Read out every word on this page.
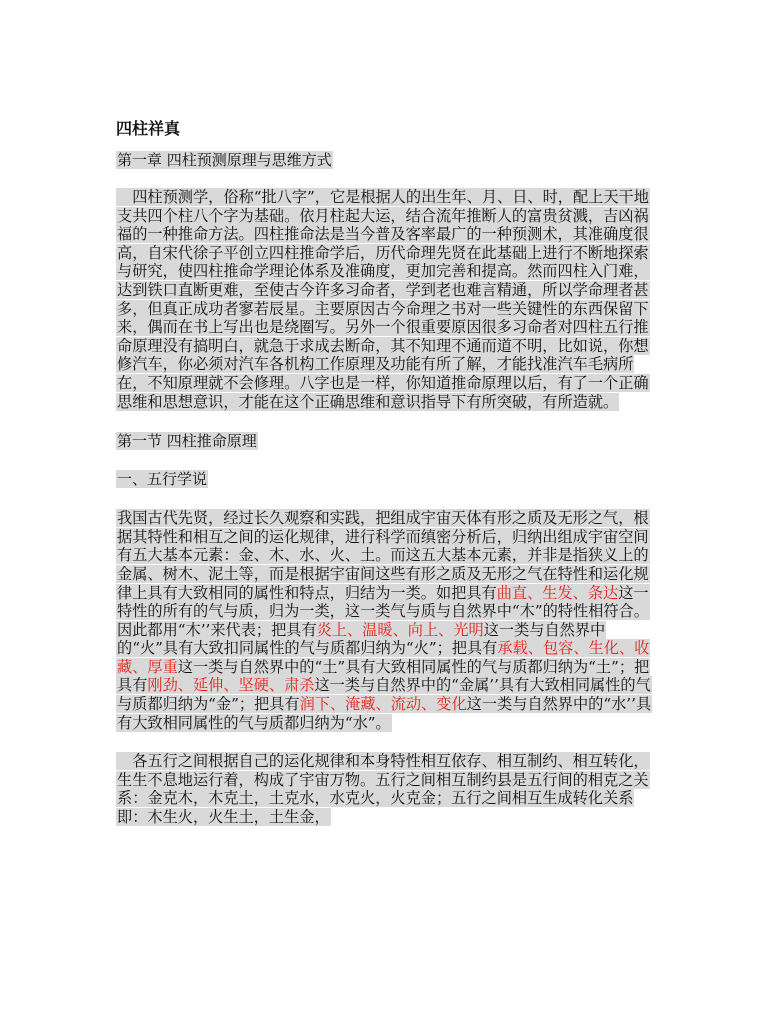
四柱祥真

第一章 四柱预测原理与思维方式

　四柱预测学，俗称“批八字”，它是根据人的出生年、月、日、时，配上天干地支共四个柱八个字为基础。依月柱起大运，结合流年推断人的富贵贫溅，吉凶祸福的一种推命方法。四柱推命法是当今普及客率最广的一种预测术，其准确度很高，自宋代徐子平创立四柱推命学后，历代命理先贤在此基础上进行不断地探索与研究，使四柱推命学理论体系及准确度，更加完善和提高。然而四柱入门难，达到铁口直断更难，至使古今许多习命者，学到老也难言精通，所以学命理者甚多，但真正成功者寥若辰星。主要原因古今命理之书对一些关键性的东西保留下来，偶而在书上写出也是绕圈写。另外一个很重要原因很多习命者对四柱五行推命原理没有搞明白，就急于求成去断命，其不知理不通而道不明，比如说，你想修汽车，你必须对汽车各机构工作原理及功能有所了解，才能找准汽车毛病所在，不知原理就不会修理。八字也是一样，你知道推命原理以后，有了一个正确思维和思想意识，才能在这个正确思维和意识指导下有所突破，有所造就。

第一节 四柱推命原理

一、五行学说

我国古代先贤，经过长久观察和实践，把组成宇宙天体有形之质及无形之气，根据其特性和相互之间的运化规律，进行科学而缜密分析后，归纳出组成宇宙空间有五大基本元素：金、木、水、火、土。而这五大基本元素，并非是指狭义上的金属、树木、泥土等，而是根据宇宙间这些有形之质及无形之气在特性和运化规律上具有大致相同的属性和特点，归结为一类。如把具有曲直、生发、条达这一特性的所有的气与质，归为一类，这一类气与质与自然界中“木”的特性相符合。因此都用“木’’来代表；把具有炎上、温暖、向上、光明这一类与自然界中的“火”具有大致扣同属性的气与质都归纳为“火”；把具有承载、包容、生化、收藏、厚重这一类与自然界中的“土”具有大致相同属性的气与质都归纳为“土”；把具有刚劲、延伸、坚硬、肃杀这一类与自然界中的“金属’’具有大致相同属性的气与质都归纳为“金”；把具有润下、淹藏、流动、变化这一类与自然界中的“水’’具有大致相同属性的气与质都归纳为“水”。

　各五行之间根据自己的运化规律和本身特性相互依存、相互制约、相互转化，生生不息地运行着，构成了宇宙万物。五行之间相互制约县是五行间的相克之关系：金克木，木克土，土克水，水克火，火克金；五行之间相互生成转化关系即：木生火，火生土，土生金，
